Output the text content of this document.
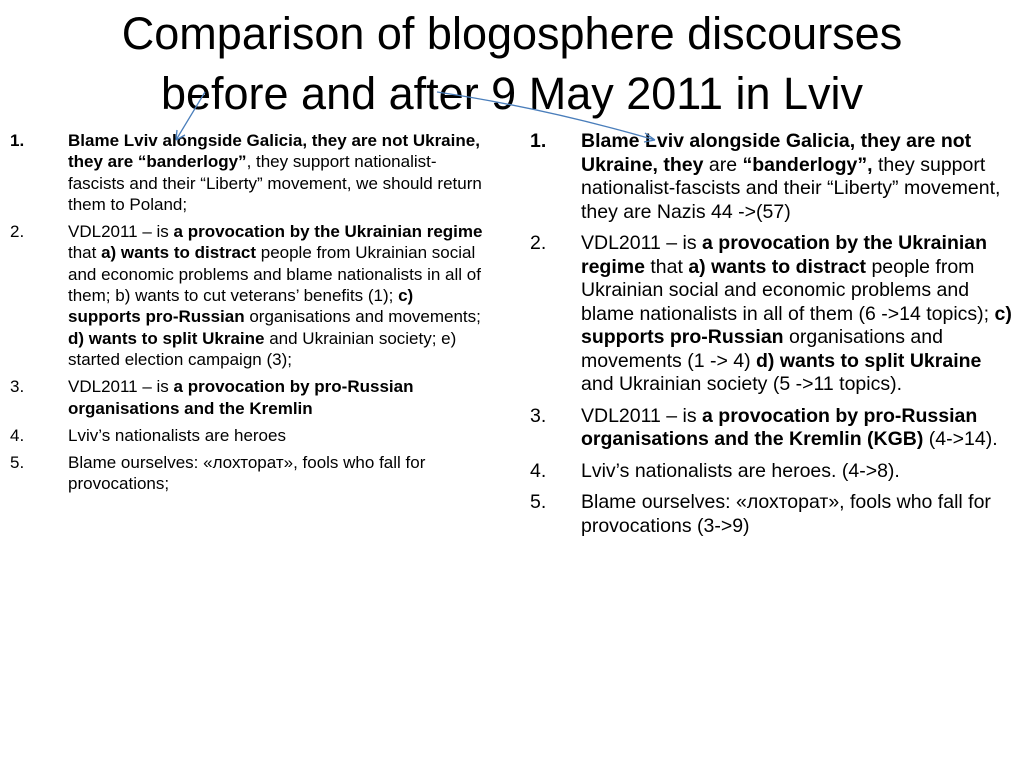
Comparison of blogosphere discourses
before and after 9 May 2011 in Lviv
1.	Blame Lviv alongside Galicia, they are not Ukraine, they are “banderlogy”, they support nationalist-fascists and their “Liberty” movement, we should return them to Poland;
2.	VDL2011 – is a provocation by the Ukrainian regime that a) wants to distract people from Ukrainian social and economic problems and blame nationalists in all of them; b) wants to cut veterans’ benefits (1); c) supports pro-Russian organisations and movements; d) wants to split Ukraine and Ukrainian society; e) started election campaign (3);
3.	VDL2011 – is a provocation by pro-Russian organisations and the Kremlin
4.	Lviv’s nationalists are heroes
5.	Blame ourselves: «лохторат», fools who fall for provocations;
1.	Blame Lviv alongside Galicia, they are not Ukraine, they are “banderlogy”, they support nationalist-fascists and their “Liberty” movement, they are Nazis 44 ->(57)
2.	VDL2011 – is a provocation by the Ukrainian regime that a) wants to distract people from Ukrainian social and economic problems and blame nationalists in all of them (6 ->14 topics); c) supports pro-Russian organisations and movements (1 -> 4) d) wants to split Ukraine and Ukrainian society (5 ->11 topics).
3.	VDL2011 – is a provocation by pro-Russian organisations and the Kremlin (KGB) (4->14).
4.	Lviv’s nationalists are heroes. (4->8).
5.	Blame ourselves: «лохторат», fools who fall for provocations (3->9)
